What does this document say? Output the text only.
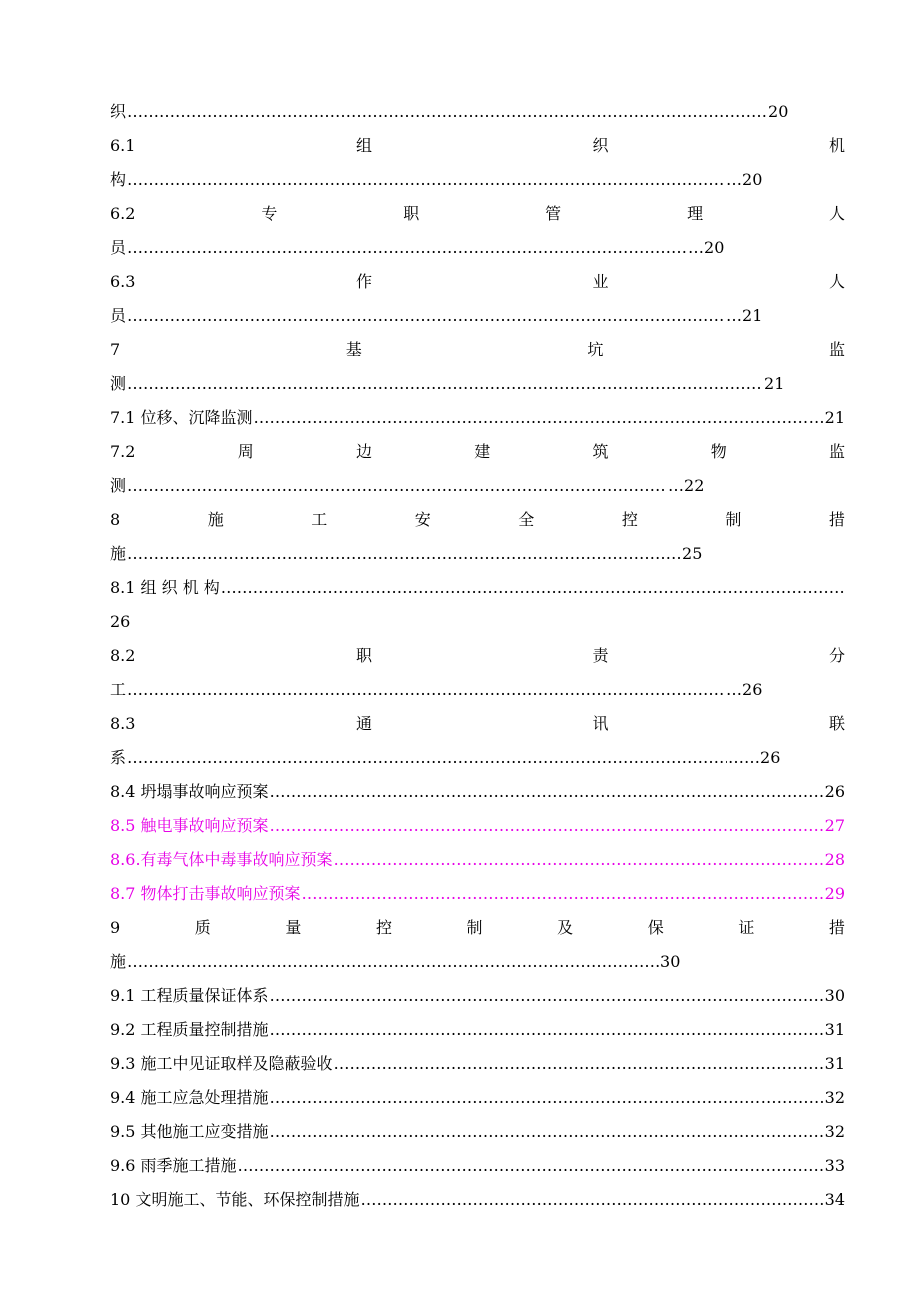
织 ……………………………………………………………………………………………………………………………………………………………………………………………………………………	20
6.1	组	织	机
构 ……………………………………………………………………………………………………………………………………………………………………………………………………………………	…20
6.2	专	职	管	理	人
员 ……………………………………………………………………………………………………………………………………………………………………………………………………………………	…20
6.3	作	业	人
员 ……………………………………………………………………………………………………………………………………………………………………………………………………………………	…21
7	基	坑	监
测 ……………………………………………………………………………………………………………………………………………………………………………………………………………………	21
7.1 位移、沉降监测 ……………………………………………………………………………………………………………………………………………………………………………………………………………………	…21
7.2	周	边	建	筑	物	监
测 ……………………………………………………………………………………………………………………………………………………………………………………………………………………	…22
8	施	工	安	全	控	制	措
施 ……………………………………………………………………………………………………………………………………………………………………………………………………………………	25
8.1 组 织 机 构
……………………………………………………………………………………………………………………………………………………………………………………………………………………
26
8.2	职	责	分
工 ……………………………………………………………………………………………………………………………………………………………………………………………………………………	…26
8.3	通	讯	联
系 ……………………………………………………………………………………………………………………………………………………………………………………………………………………	……26
8.4 坍塌事故响应预案 ……………………………………………………………………………………………………………………………………………………………………………………………………………………	26
8.5 触电事故响应预案 ……………………………………………………………………………………………………………………………………………………………………………………………………………………	27
8.6.有毒气体中毒事故响应预案 ……………………………………………………………………………………………………………………………………………………………………………………………………………………	28
8.7 物体打击事故响应预案 ……………………………………………………………………………………………………………………………………………………………………………………………………………………	29
9	质	量	控	制	及	保	证	措
施 ……………………………………………………………………………………………………………………………………………………………………………………………………………………	30
9.1 工程质量保证体系 ……………………………………………………………………………………………………………………………………………………………………………………………………………………	30
9.2 工程质量控制措施 ……………………………………………………………………………………………………………………………………………………………………………………………………………………	31
9.3 施工中见证取样及隐蔽验收 ……………………………………………………………………………………………………………………………………………………………………………………………………………………	31
9.4 施工应急处理措施 ……………………………………………………………………………………………………………………………………………………………………………………………………………………	…………32
9.5 其他施工应变措施 ……………………………………………………………………………………………………………………………………………………………………………………………………………………	32
9.6 雨季施工措施 ……………………………………………………………………………………………………………………………………………………………………………………………………………………	33
10 文明施工、节能、环保控制措施 ……………………………………………………………………………………………………………………………………………………………………………………………………………………	34
